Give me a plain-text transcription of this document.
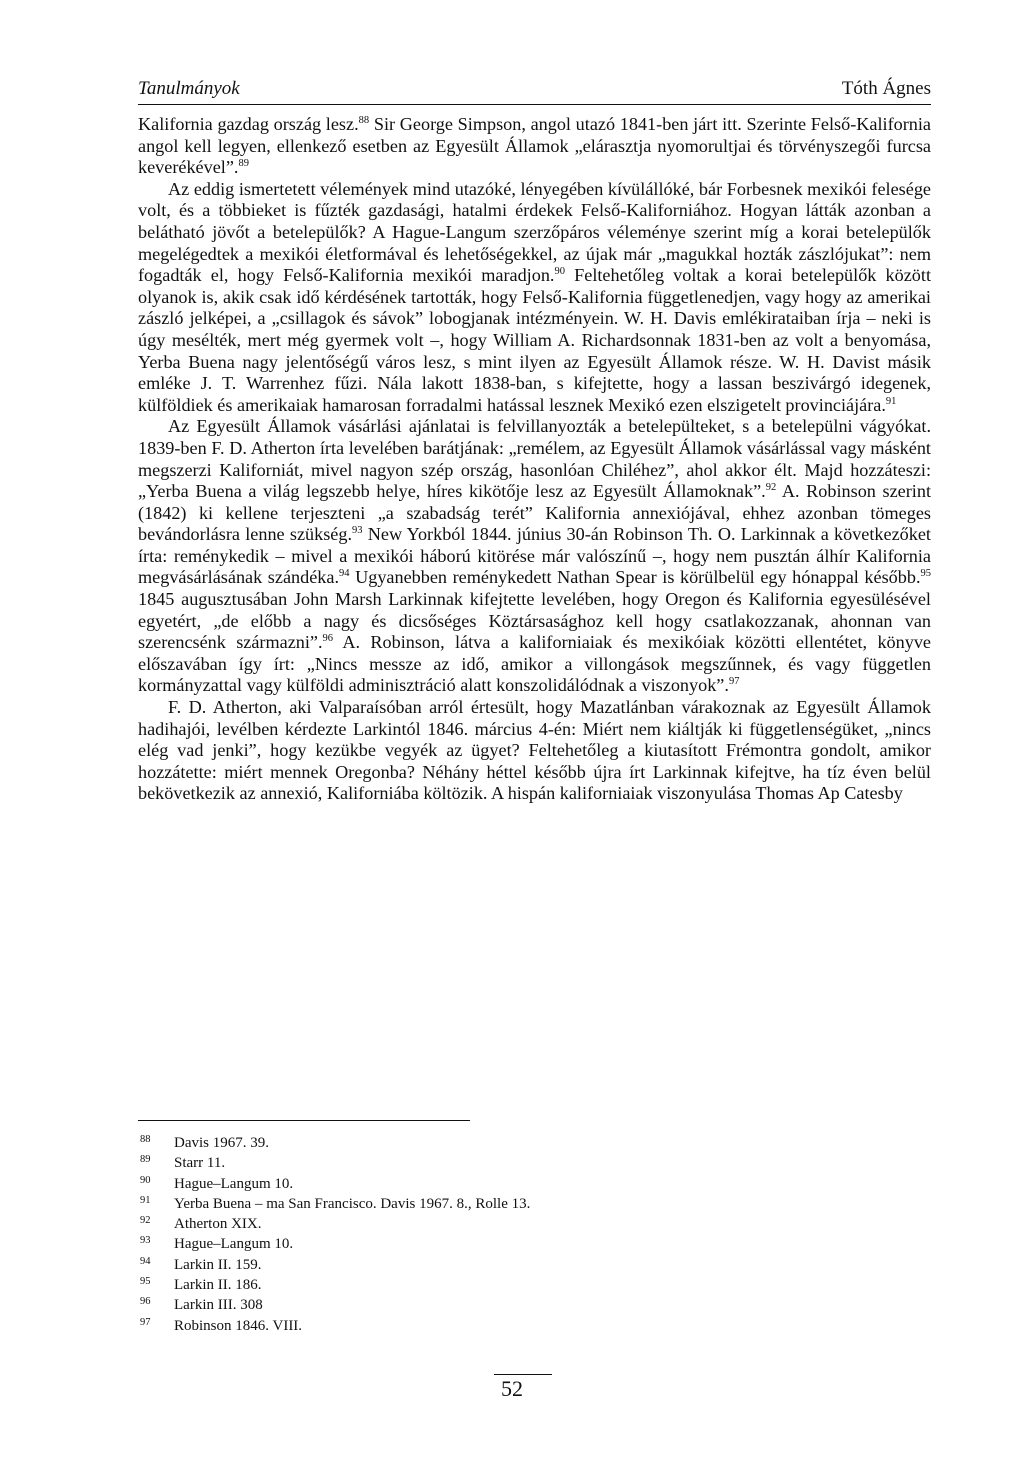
Tanulmányok	Tóth Ágnes

Kalifornia gazdag ország lesz.$^{88}$ Sir George Simpson, angol utazó 1841-ben járt itt. Szerinte Felső-Kalifornia angol kell legyen, ellenkező esetben az Egyesült Államok „elárasztja nyomorultjai és törvényszegői furcsa keverékével”.$^{89}$

Az eddig ismertetett vélemények mind utazóké, lényegében kívülállóké, bár Forbesnek mexikói felesége volt, és a többieket is fűzték gazdasági, hatalmi érdekek Felső-Kaliforniához. Hogyan látták azonban a belátható jövőt a betelepülők? A Hague-Langum szerzőpáros véleménye szerint míg a korai betelepülők megelégedtek a mexikói életformával és lehetőségekkel, az újak már „magukkal hozták zászlójukat”: nem fogadták el, hogy Felső-Kalifornia mexikói maradjon.$^{90}$ Feltehetőleg voltak a korai betelepülők között olyanok is, akik csak idő kérdésének tartották, hogy Felső-Kalifornia függetlenedjen, vagy hogy az amerikai zászló jelképei, a „csillagok és sávok” lobogjanak intézményein. W. H. Davis emlékirataiban írja – neki is úgy mesélték, mert még gyermek volt –, hogy William A. Richardsonnak 1831-ben az volt a benyomása, Yerba Buena nagy jelentőségű város lesz, s mint ilyen az Egyesült Államok része. W. H. Davist másik emléke J. T. Warrenhez fűzi. Nála lakott 1838-ban, s kifejtette, hogy a lassan beszivárgó idegenek, külföldiek és amerikaiak hamarosan forradalmi hatással lesznek Mexikó ezen elszigetelt provinciájára.$^{91}$

Az Egyesült Államok vásárlási ajánlatai is felvillanyozták a betelepülteket, s a betelepülni vágyókat. 1839-ben F. D. Atherton írta levelében barátjának: „remélem, az Egyesült Államok vásárlással vagy másként megszerzi Kaliforniát, mivel nagyon szép ország, hasonlóan Chiléhez”, ahol akkor élt. Majd hozzáteszi: „Yerba Buena a világ legszebb helye, híres kikötője lesz az Egyesült Államoknak”.$^{92}$ A. Robinson szerint (1842) ki kellene terjeszteni „a szabadság terét” Kalifornia annexiójával, ehhez azonban tömeges bevándorlásra lenne szükség.$^{93}$ New Yorkból 1844. június 30-án Robinson Th. O. Larkinnak a következőket írta: reménykedik – mivel a mexikói háború kitörése már valószínű –, hogy nem pusztán álhír Kalifornia megvásárlásának szándéka.$^{94}$ Ugyanebben reménykedett Nathan Spear is körülbelül egy hónappal később.$^{95}$ 1845 augusztusában John Marsh Larkinnak kifejtette levelében, hogy Oregon és Kalifornia egyesülésével egyetért, „de előbb a nagy és dicsőséges Köztársasághoz kell hogy csatlakozzanak, ahonnan van szerencsénk származni”.$^{96}$ A. Robinson, látva a kaliforniaiak és mexikóiak közötti ellentétet, könyve előszavában így írt: „Nincs messze az idő, amikor a villongások megszűnnek, és vagy független kormányzattal vagy külföldi adminisztráció alatt konszolidálódnak a viszonyok”.$^{97}$

F. D. Atherton, aki Valparaísóban arról értesült, hogy Mazatlánban várakoznak az Egyesült Államok hadihajói, levélben kérdezte Larkintól 1846. március 4-én: Miért nem kiáltják ki függetlenségüket, „nincs elég vad jenki”, hogy kezükbe vegyék az ügyet? Feltehetőleg a kiutasított Frémontra gondolt, amikor hozzátette: miért mennek Oregonba? Néhány héttel később újra írt Larkinnak kifejtve, ha tíz éven belül bekövetkezik az annexió, Kaliforniába költözik. A hispán kaliforniaiak viszonyulása Thomas Ap Catesby

88	Davis 1967. 39.
89	Starr 11.
90	Hague–Langum 10.
91	Yerba Buena – ma San Francisco. Davis 1967. 8., Rolle 13.
92	Atherton XIX.
93	Hague–Langum 10.
94	Larkin II. 159.
95	Larkin II. 186.
96	Larkin III. 308
97	Robinson 1846. VIII.
52
